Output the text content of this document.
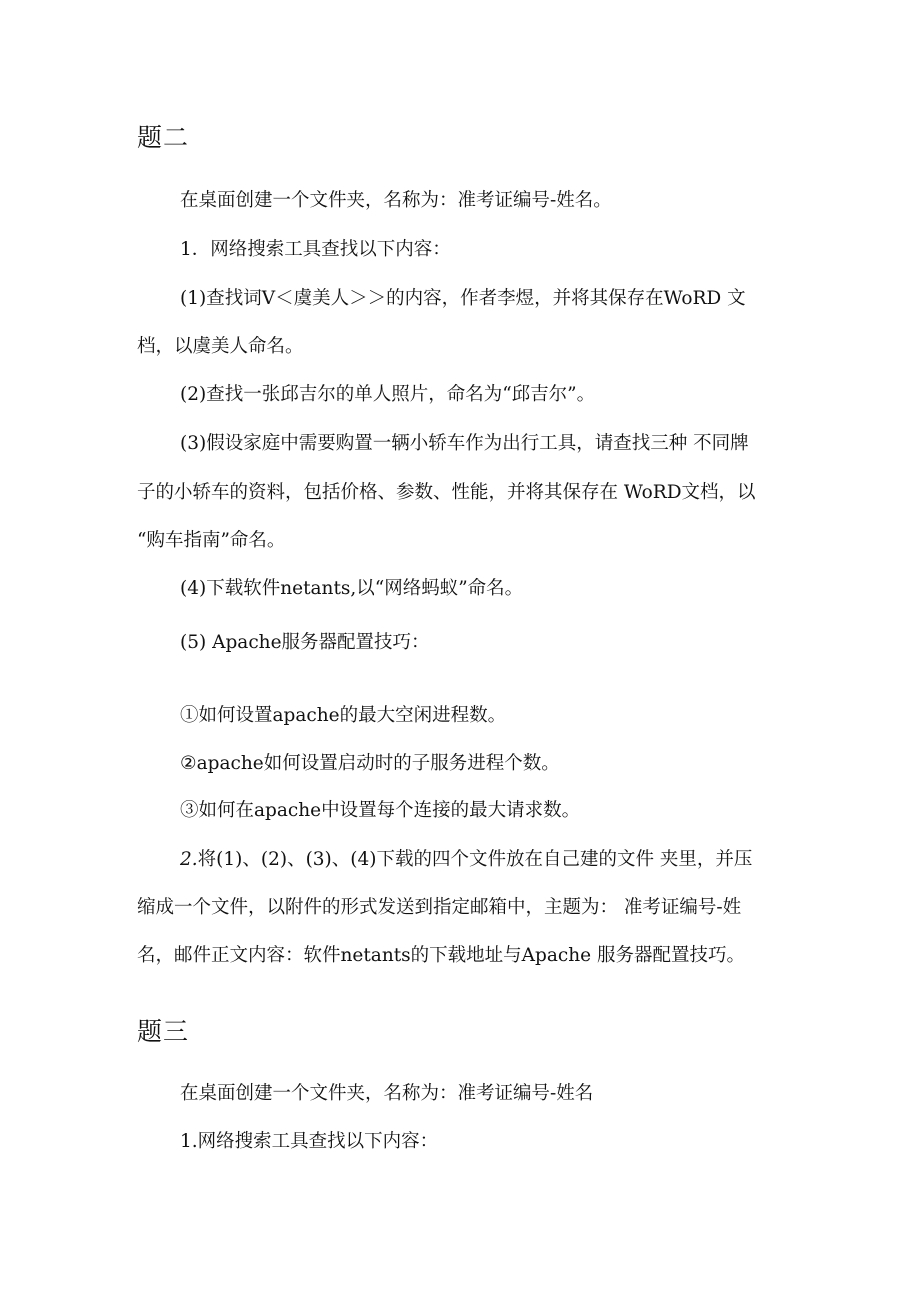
题二
在桌面创建一个文件夹，名称为：准考证编号-姓名。
1．网络搜索工具查找以下内容：
(1)查找词V＜虞美人＞＞的内容，作者李煜，并将其保存在WoRD 文
档，以虞美人命名。
(2)查找一张邱吉尔的单人照片，命名为“邱吉尔”。
(3)假设家庭中需要购置一辆小轿车作为出行工具，请查找三种 不同牌
子的小轿车的资料，包括价格、参数、性能，并将其保存在 WoRD文档，以
“购车指南”命名。
(4)下载软件netants,以“网络蚂蚁”命名。
(5) Apache服务器配置技巧：
①如何设置apache的最大空闲进程数。
②apache如何设置启动时的子服务进程个数。
③如何在apache中设置每个连接的最大请求数。
2.将(1)、(2)、(3)、(4)下载的四个文件放在自己建的文件 夹里，并压
缩成一个文件，以附件的形式发送到指定邮箱中，主题为： 准考证编号-姓
名，邮件正文内容：软件netants的下载地址与Apache 服务器配置技巧。
题三
在桌面创建一个文件夹，名称为：准考证编号-姓名
1.网络搜索工具查找以下内容：
